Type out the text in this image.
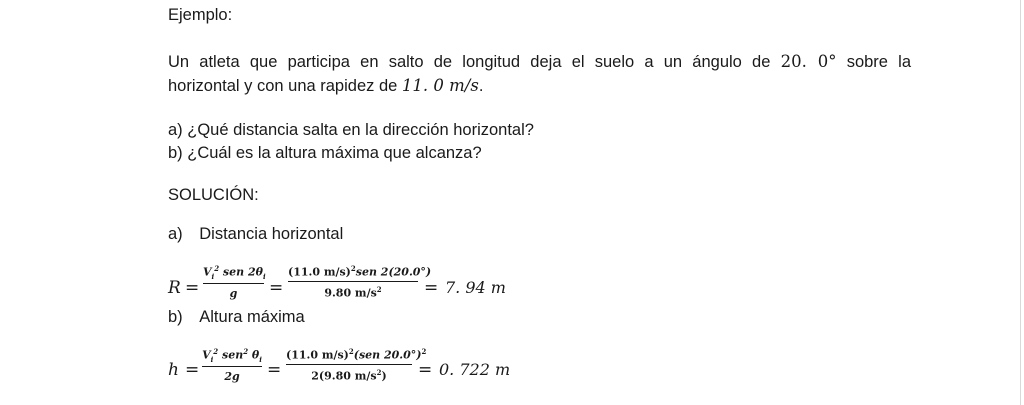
Ejemplo:
Un atleta que participa en salto de longitud deja el suelo a un ángulo de 20. 0° sobre la
horizontal y con una rapidez de 11. 0 m/s.
a) ¿Qué distancia salta en la dirección horizontal?
b) ¿Cuál es la altura máxima que alcanza?
SOLUCIÓN:
a) Distancia horizontal
R =
$V_i^2$ sen $2\theta_i$
g	=
(11.0 m/s)$^2$sen 2(20.0°)
9.80 $m/s^2$	= 7. 94 m
b) Altura máxima
h =
$V_i^2$ sen$^2$ $\theta_i$
2g	=
(11.0 m/s)$^2$(sen 20.0°)$^2$
2(9.80 $m/s^2$)	= 0. 722 m
